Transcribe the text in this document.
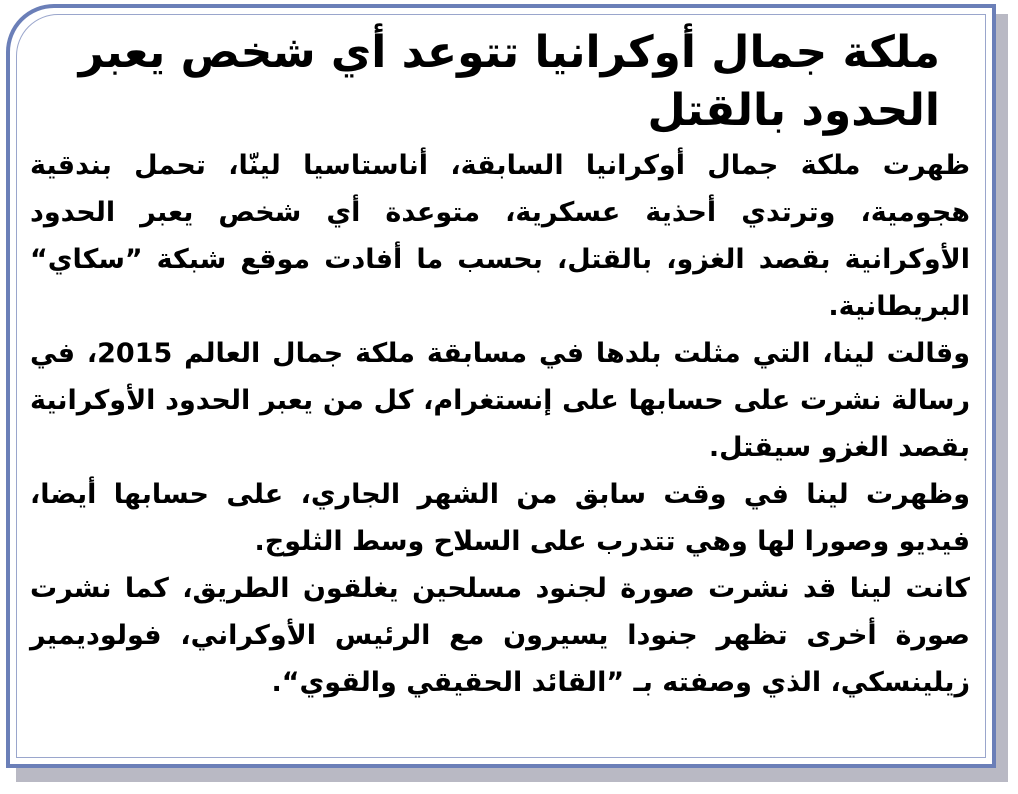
ملكة جمال أوكرانيا تتوعد أي شخص يعبر
الحدود بالقتل

ظهرت ملكة جمال أوكرانيا السابقة، أناستاسيا لينّا، تحمل بندقية هجومية، وترتدي أحذية عسكرية، متوعدة أي شخص يعبر الحدود الأوكرانية بقصد الغزو، بالقتل، بحسب ما أفادت موقع شبكة ”سكاي“ البريطانية.

وقالت لينا، التي مثلت بلدها في مسابقة ملكة جمال العالم 2015، في رسالة نشرت على حسابها على إنستغرام، كل من يعبر الحدود الأوكرانية بقصد الغزو سيقتل.

وظهرت لينا في وقت سابق من الشهر الجاري، على حسابها أيضا، فيديو وصورا لها وهي تتدرب على السلاح وسط الثلوج.

كانت لينا قد نشرت صورة لجنود مسلحين يغلقون الطريق، كما نشرت صورة أخرى تظهر جنودا يسيرون مع الرئيس الأوكراني، فولوديمير زيلينسكي، الذي وصفته بـ ”القائد الحقيقي والقوي“.
